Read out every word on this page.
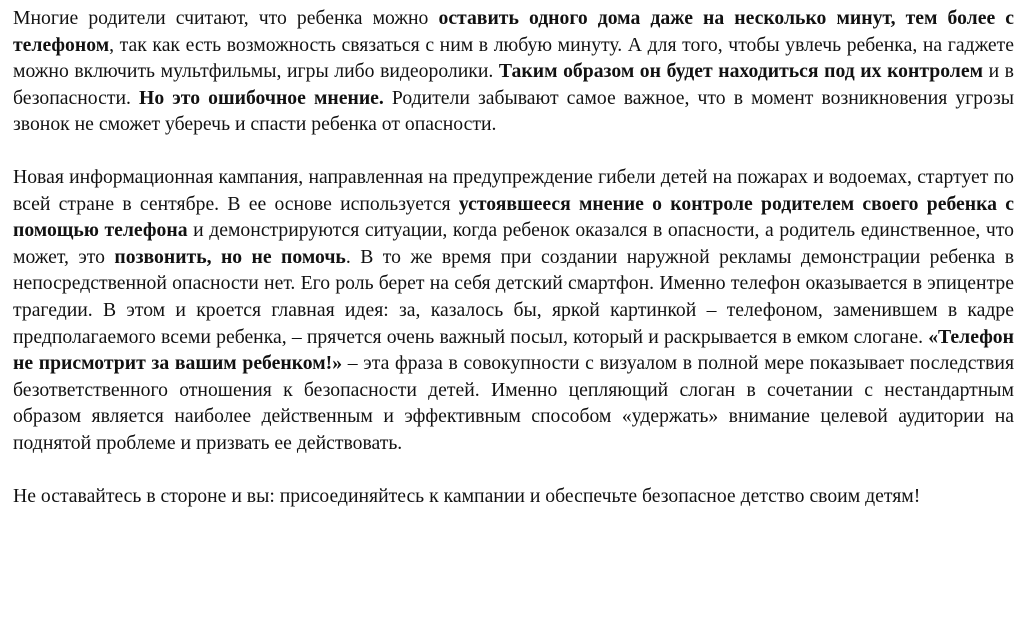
Многие родители считают, что ребенка можно оставить одного дома даже на несколько минут, тем более с телефоном, так как есть возможность связаться с ним в любую минуту. А для того, чтобы увлечь ребенка, на гаджете можно включить мультфильмы, игры либо видеоролики. Таким образом он будет находиться под их контролем и в безопасности. Но это ошибочное мнение. Родители забывают самое важное, что в момент возникновения угрозы звонок не сможет уберечь и спасти ребенка от опасности.

Новая информационная кампания, направленная на предупреждение гибели детей на пожарах и водоемах, стартует по всей стране в сентябре. В ее основе используется устоявшееся мнение о контроле родителем своего ребенка с помощью телефона и демонстрируются ситуации, когда ребенок оказался в опасности, а родитель единственное, что может, это позвонить, но не помочь. В то же время при создании наружной рекламы демонстрации ребенка в непосредственной опасности нет. Его роль берет на себя детский смартфон. Именно телефон оказывается в эпицентре трагедии. В этом и кроется главная идея: за, казалось бы, яркой картинкой – телефоном, заменившем в кадре предполагаемого всеми ребенка, – прячется очень важный посыл, который и раскрывается в емком слогане. «Телефон не присмотрит за вашим ребенком!» – эта фраза в совокупности с визуалом в полной мере показывает последствия безответственного отношения к безопасности детей. Именно цепляющий слоган в сочетании с нестандартным образом является наиболее действенным и эффективным способом «удержать» внимание целевой аудитории на поднятой проблеме и призвать ее действовать.

Не оставайтесь в стороне и вы: присоединяйтесь к кампании и обеспечьте безопасное детство своим детям!
